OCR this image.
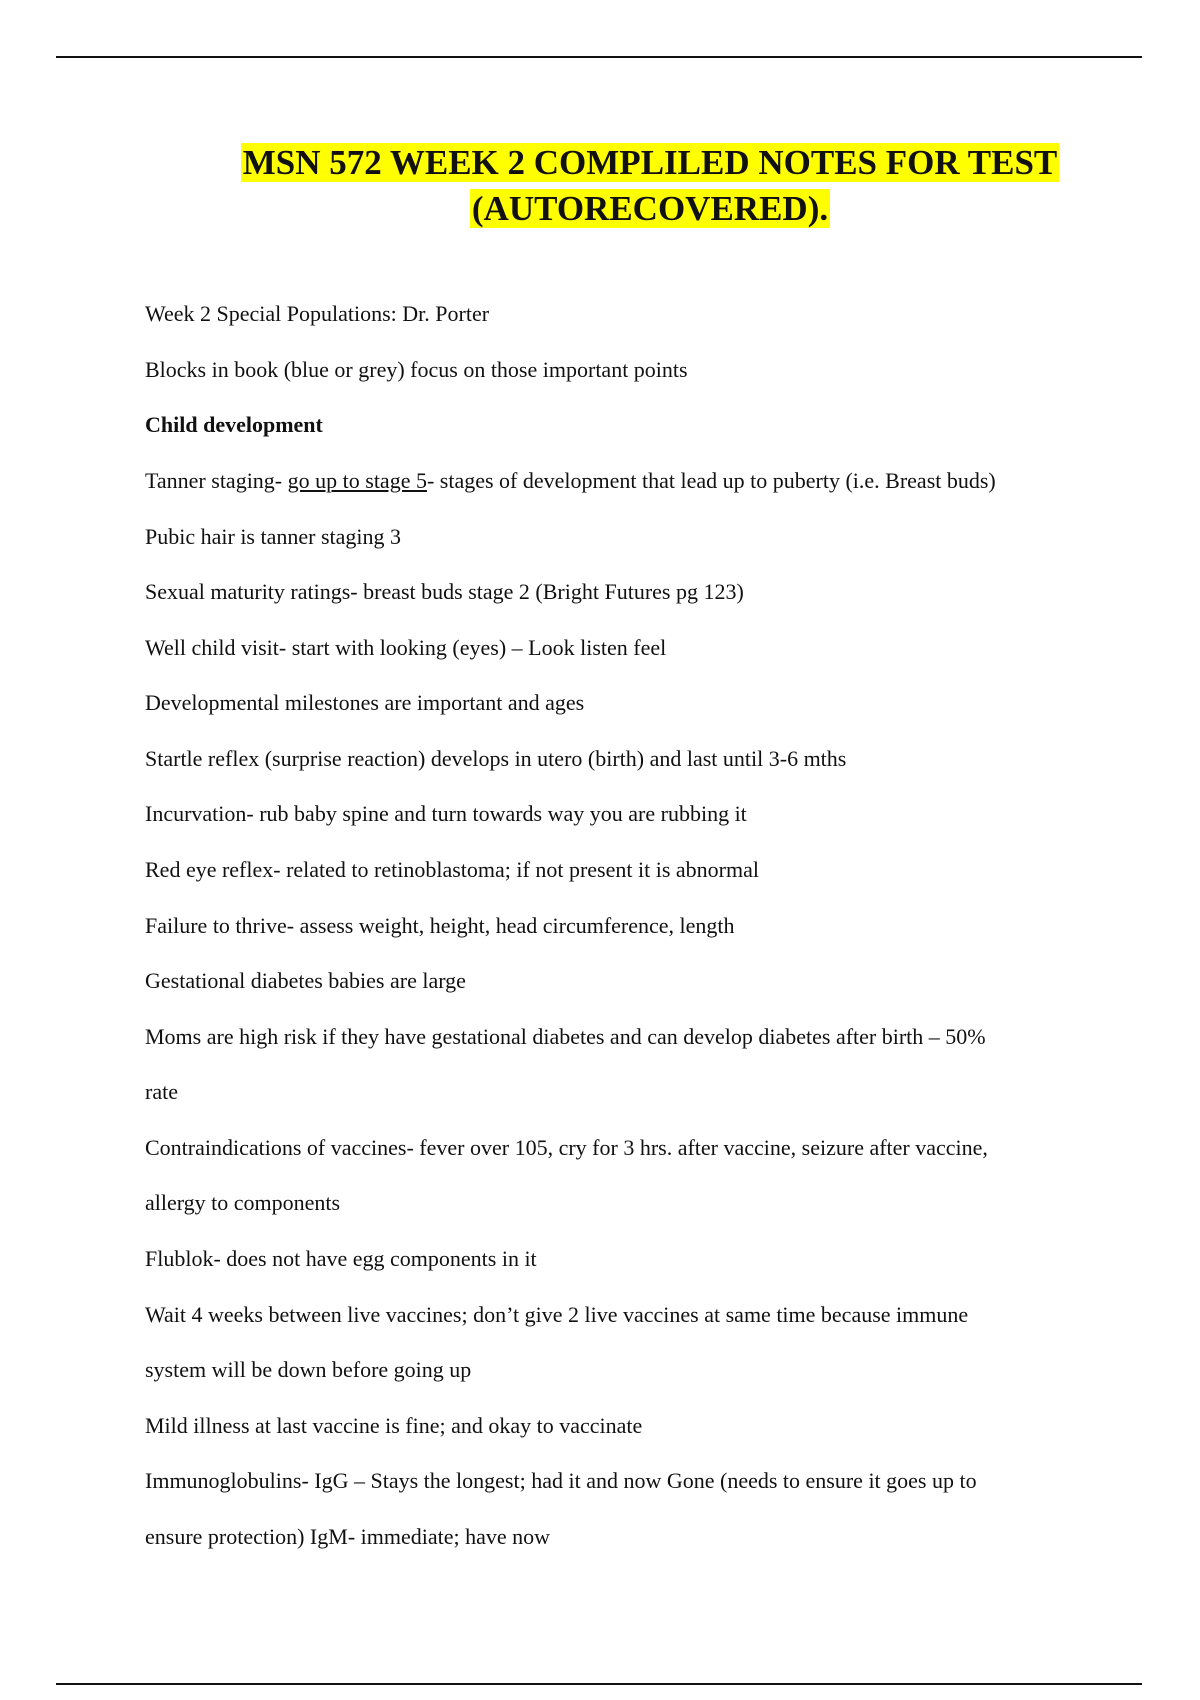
MSN 572 WEEK 2 COMPLILED NOTES FOR TEST
(AUTORECOVERED).

Week 2 Special Populations: Dr. Porter

Blocks in book (blue or grey) focus on those important points

Child development

Tanner staging- go up to stage 5- stages of development that lead up to puberty (i.e. Breast buds)

Pubic hair is tanner staging 3

Sexual maturity ratings- breast buds stage 2 (Bright Futures pg 123)

Well child visit- start with looking (eyes) – Look listen feel

Developmental milestones are important and ages

Startle reflex (surprise reaction) develops in utero (birth) and last until 3-6 mths

Incurvation- rub baby spine and turn towards way you are rubbing it

Red eye reflex- related to retinoblastoma; if not present it is abnormal

Failure to thrive- assess weight, height, head circumference, length

Gestational diabetes babies are large

Moms are high risk if they have gestational diabetes and can develop diabetes after birth – 50%

rate

Contraindications of vaccines- fever over 105, cry for 3 hrs. after vaccine, seizure after vaccine,

allergy to components

Flublok- does not have egg components in it

Wait 4 weeks between live vaccines; don’t give 2 live vaccines at same time because immune

system will be down before going up

Mild illness at last vaccine is fine; and okay to vaccinate

Immunoglobulins- IgG – Stays the longest; had it and now Gone (needs to ensure it goes up to

ensure protection) IgM- immediate; have now
